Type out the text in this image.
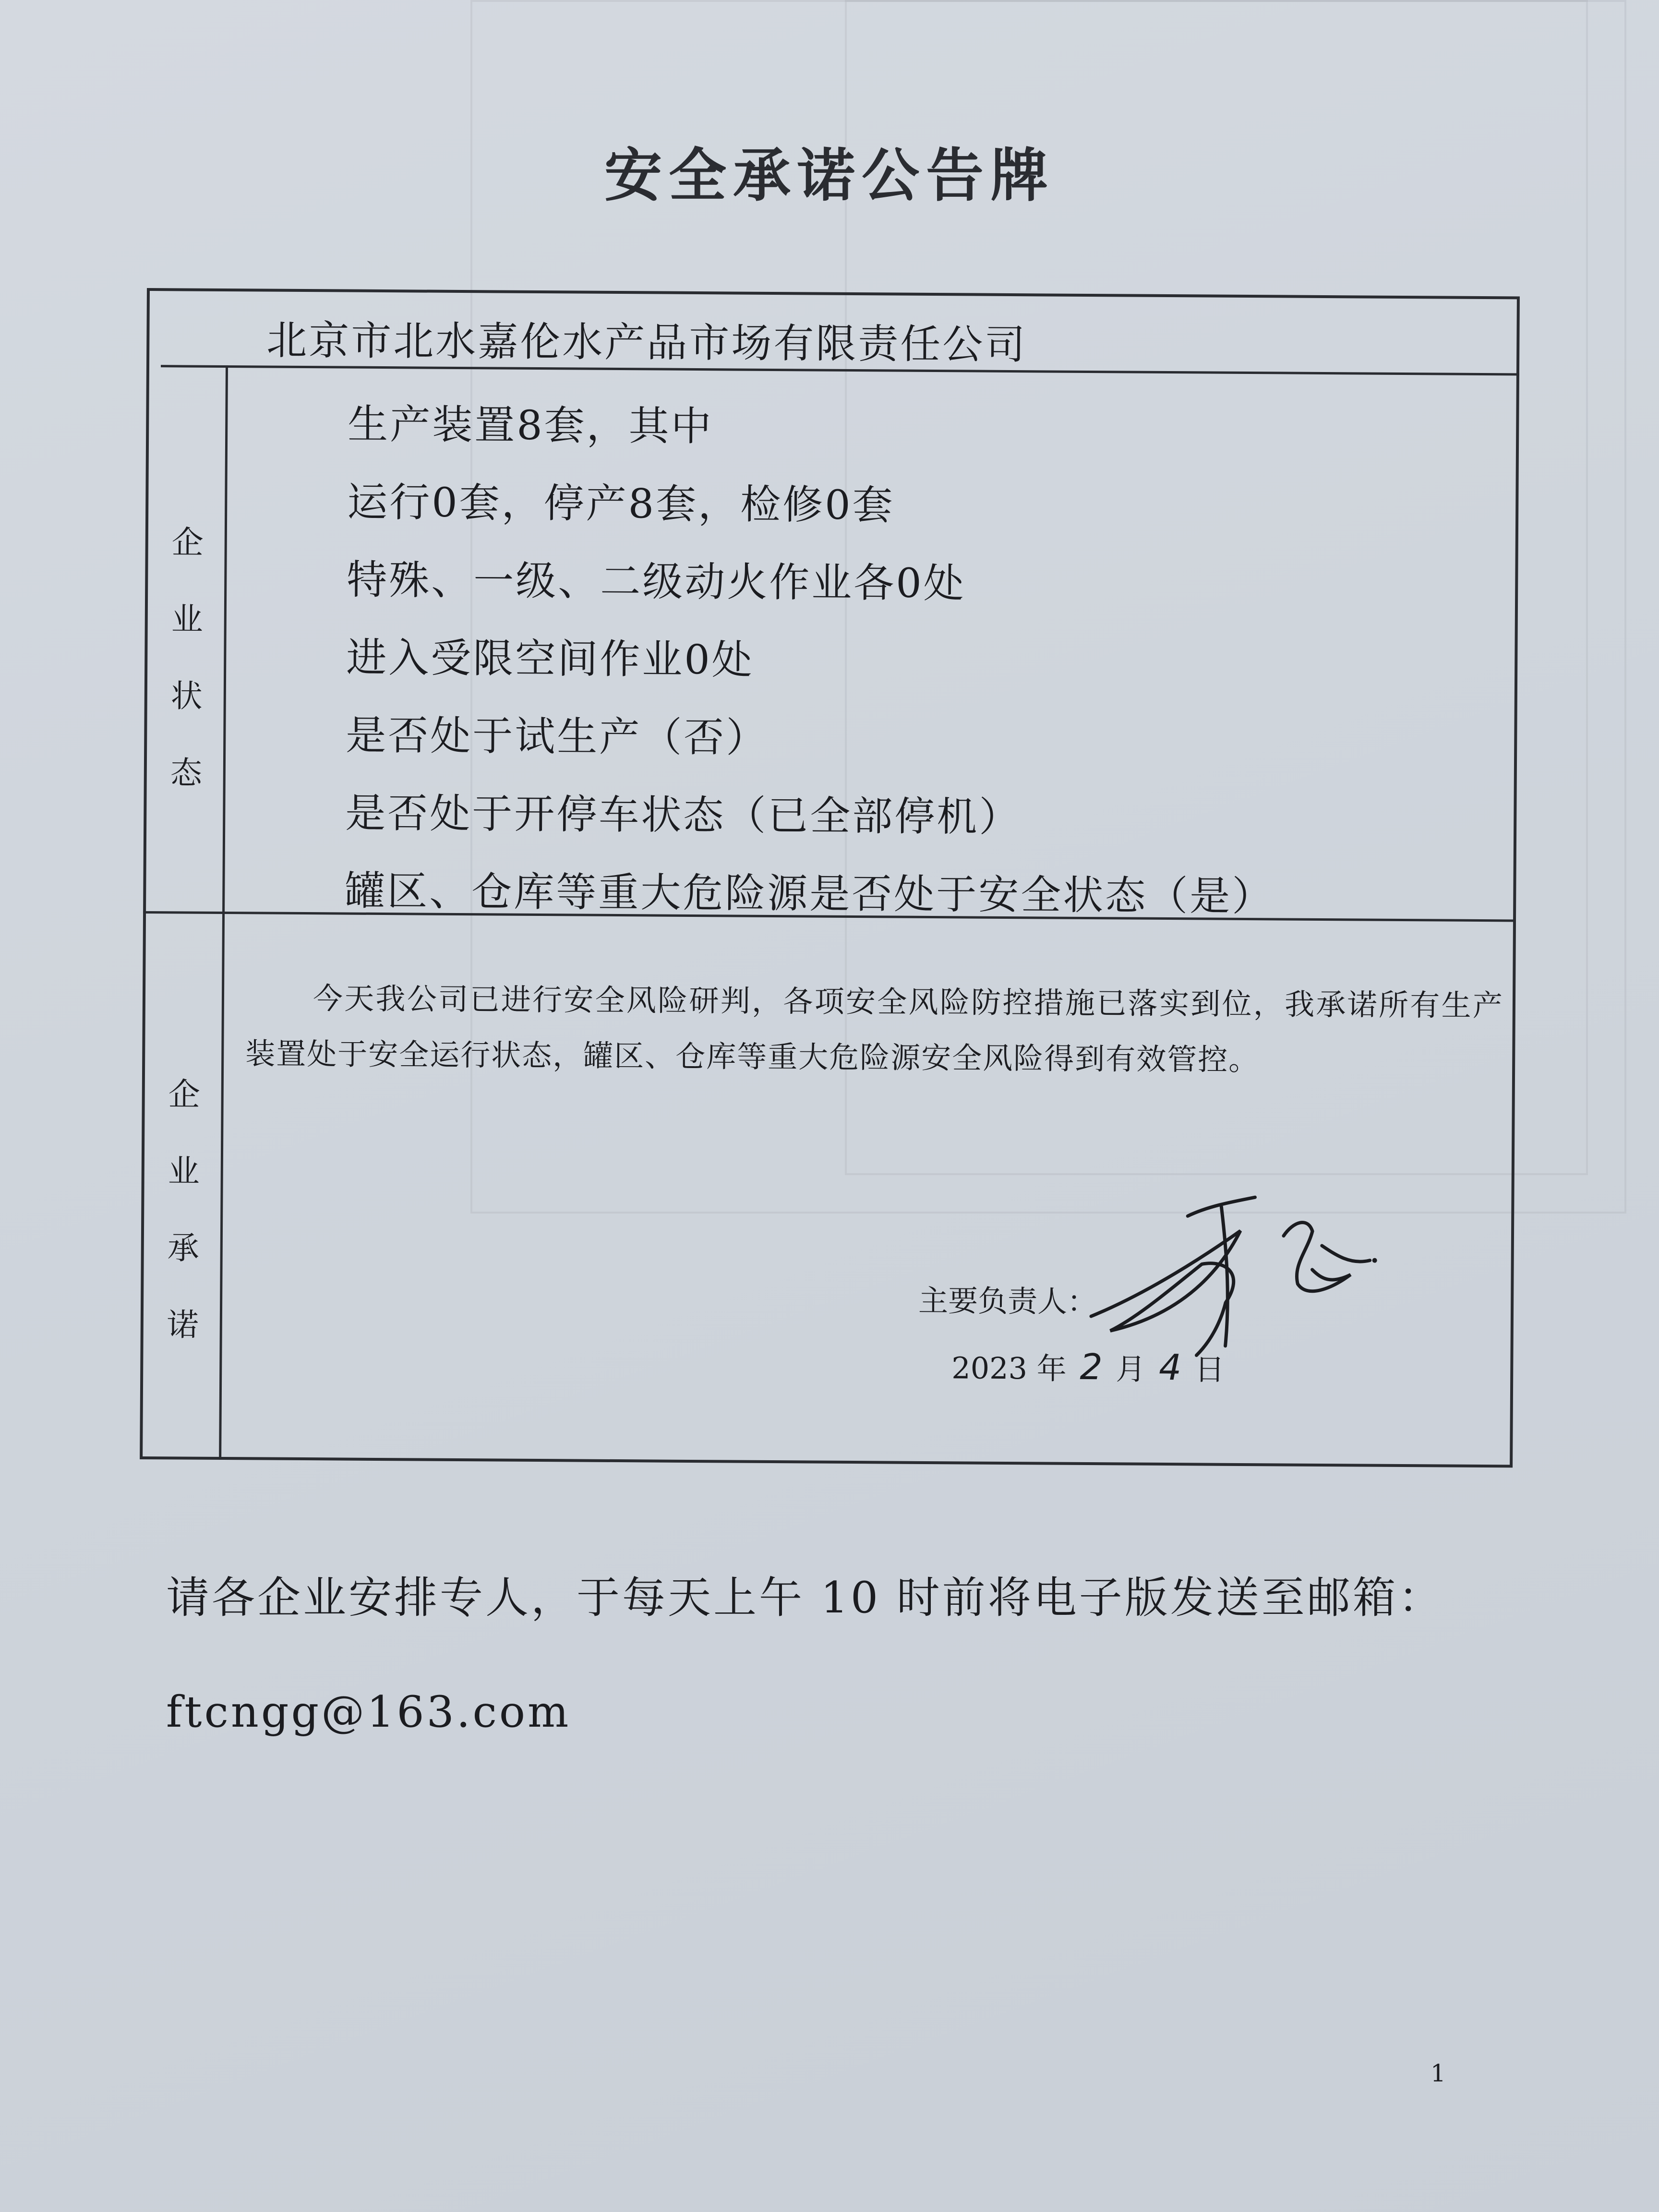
安全承诺公告牌
北京市北水嘉伦水产品市场有限责任公司
企
业
状
态
生产装置8套，其中
运行0套，停产8套，检修0套
特殊、一级、二级动火作业各0处
进入受限空间作业0处
是否处于试生产（否）
是否处于开停车状态（已全部停机）
罐区、仓库等重大危险源是否处于安全状态（是）
企
业
承
诺
今天我公司已进行安全风险研判，各项安全风险防控措施已落实到位，我承诺所有生产装置处于安全运行状态，罐区、仓库等重大危险源安全风险得到有效管控。
主要负责人：
2023 年 2 月 4 日
请各企业安排专人，于每天上午 10 时前将电子版发送至邮箱：ftcngg@163.com
1
